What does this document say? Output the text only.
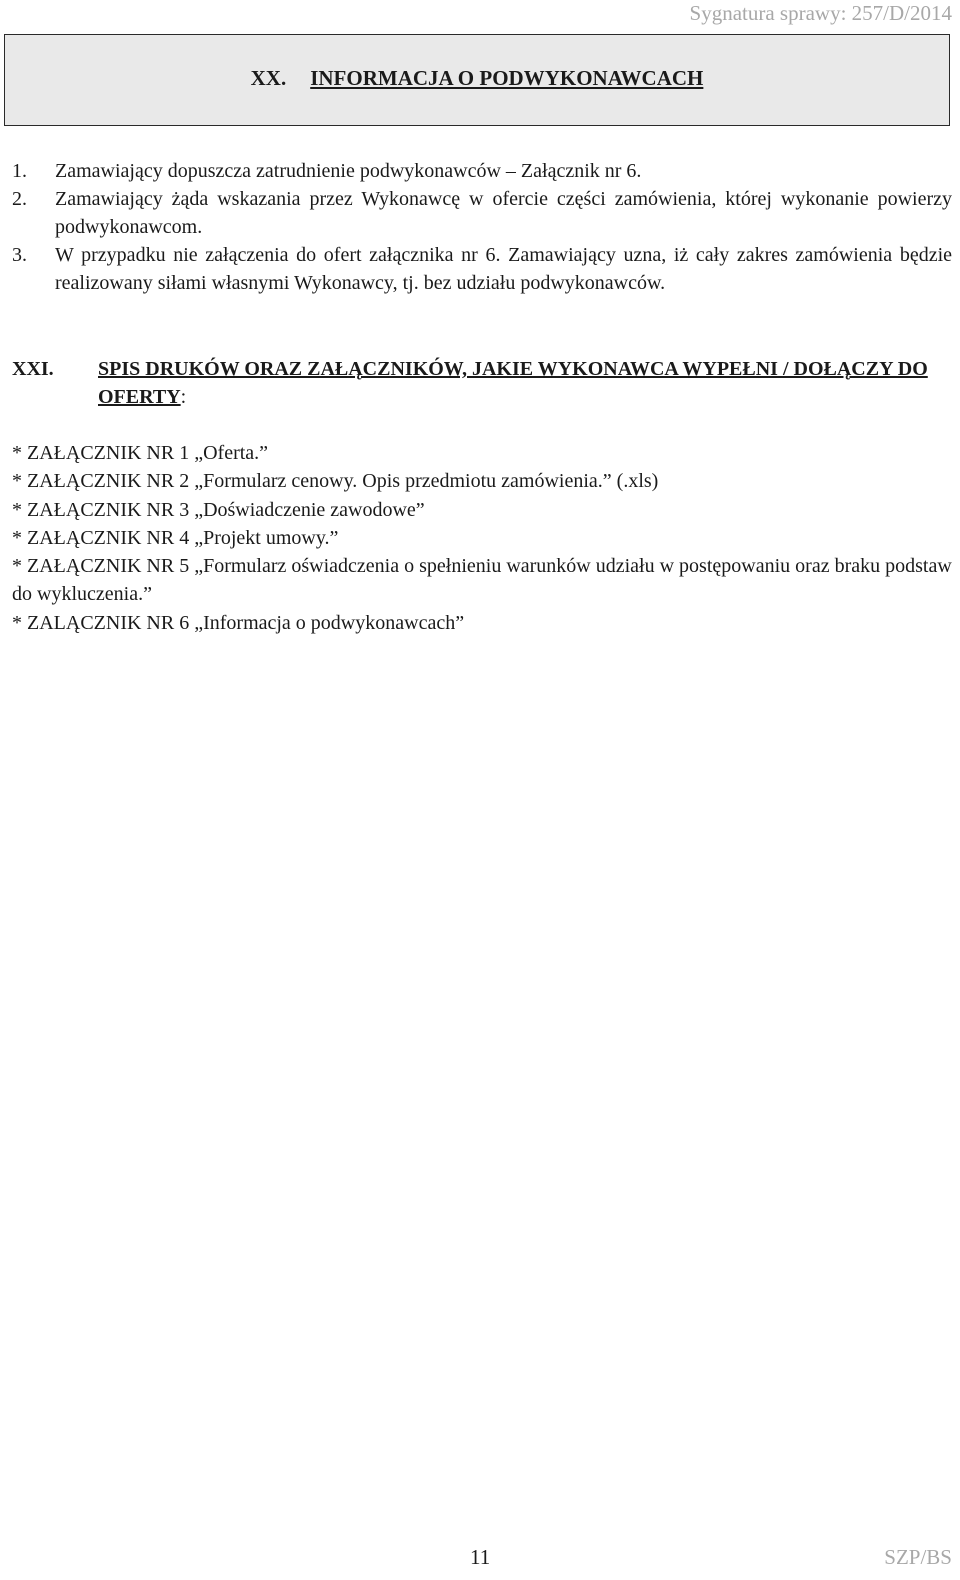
Sygnatura sprawy: 257/D/2014
XX. INFORMACJA O PODWYKONAWCACH
1. Zamawiający dopuszcza zatrudnienie podwykonawców – Załącznik nr 6.
2. Zamawiający żąda wskazania przez Wykonawcę w ofercie części zamówienia, której wykonanie powierzy podwykonawcom.
3. W przypadku nie załączenia do ofert załącznika nr 6. Zamawiający uzna, iż cały zakres zamówienia będzie realizowany siłami własnymi Wykonawcy, tj. bez udziału podwykonawców.
XXI.	SPIS DRUKÓW ORAZ ZAŁĄCZNIKÓW, JAKIE WYKONAWCA WYPEŁNI / DOŁĄCZY DO OFERTY:
* ZAŁĄCZNIK NR 1 „Oferta.”
* ZAŁĄCZNIK NR 2 „Formularz cenowy. Opis przedmiotu zamówienia.” (.xls)
* ZAŁĄCZNIK NR 3 „Doświadczenie zawodowe”
* ZAŁĄCZNIK NR 4 „Projekt umowy.”
* ZAŁĄCZNIK NR 5 „Formularz oświadczenia o spełnieniu warunków udziału w postępowaniu oraz braku podstaw do wykluczenia.”
* ZALĄCZNIK NR 6 „Informacja o podwykonawcach”
11	SZP/BS
